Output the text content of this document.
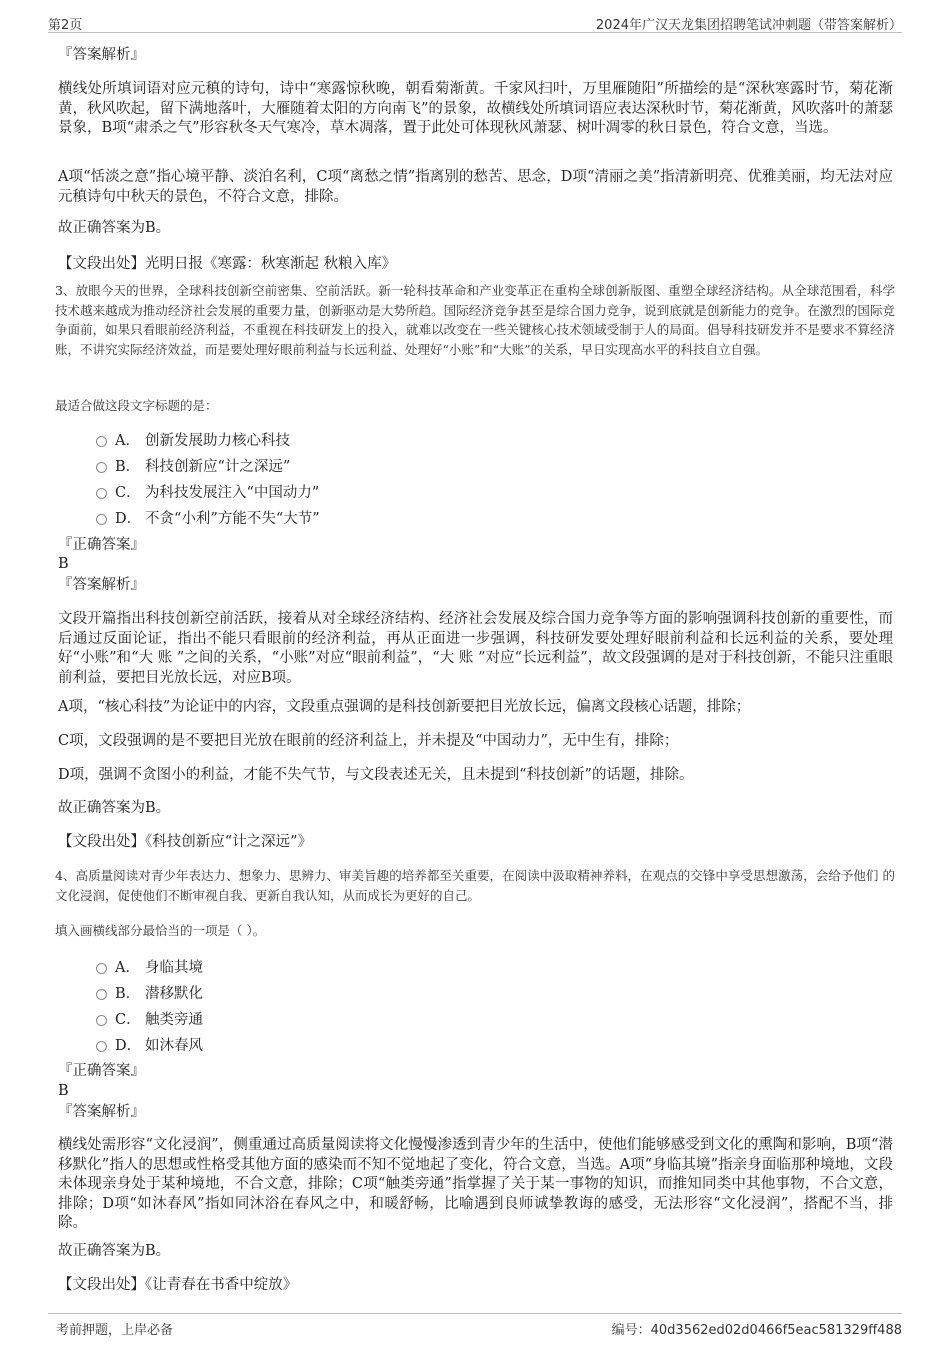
第2页	2024年广汉天龙集团招聘笔试冲刺题（带答案解析）

『答案解析』

横线处所填词语对应元稹的诗句，诗中“寒露惊秋晚，朝看菊渐黄。千家风扫叶，万里雁随阳”所描绘的是“深秋寒露时节，菊花渐黄，秋风吹起，留下满地落叶，大雁随着太阳的方向南飞”的景象，故横线处所填词语应表达深秋时节，菊花渐黄，风吹落叶的萧瑟景象，B项“肃杀之气”形容秋冬天气寒冷，草木凋落，置于此处可体现秋风萧瑟、树叶凋零的秋日景色，符合文意，当选。

A项“恬淡之意”指心境平静、淡泊名利，C项“离愁之情”指离别的愁苦、思念，D项“清丽之美”指清新明亮、优雅美丽，均无法对应元稹诗句中秋天的景色，不符合文意，排除。

故正确答案为B。

【文段出处】光明日报《寒露：秋寒渐起 秋粮入库》

3、放眼今天的世界，全球科技创新空前密集、空前活跃。新一轮科技革命和产业变革正在重构全球创新版图、重塑全球经济结构。从全球范围看，科学技术越来越成为推动经济社会发展的重要力量，创新驱动是大势所趋。国际经济竞争甚至是综合国力竞争，说到底就是创新能力的竞争。在激烈的国际竞争面前，如果只看眼前经济利益，不重视在科技研发上的投入，就难以改变在一些关键核心技术领域受制于人的局面。倡导科技研发并不是要求不算经济账，不讲究实际经济效益，而是要处理好眼前利益与长远利益、处理好“小账”和“大账”的关系，早日实现高水平的科技自立自强。

最适合做这段文字标题的是：

A． 创新发展助力核心科技
B． 科技创新应“计之深远”
C． 为科技发展注入“中国动力”
D． 不贪“小利”方能不失“大节”

『正确答案』

B

『答案解析』

文段开篇指出科技创新空前活跃，接着从对全球经济结构、经济社会发展及综合国力竞争等方面的影响强调科技创新的重要性，而后通过反面论证，指出不能只看眼前的经济利益，再从正面进一步强调，科技研发要处理好眼前利益和长远利益的关系，要处理好“小账”和“大 账 ”之间的关系，“小账”对应“眼前利益”，“大 账 ”对应“长远利益”，故文段强调的是对于科技创新，不能只注重眼前利益，要把目光放长远，对应B项。

A项，“核心科技”为论证中的内容，文段重点强调的是科技创新要把目光放长远，偏离文段核心话题，排除；

C项，文段强调的是不要把目光放在眼前的经济利益上，并未提及“中国动力”，无中生有，排除；

D项，强调不贪图小的利益，才能不失气节，与文段表述无关，且未提到“科技创新”的话题，排除。

故正确答案为B。

【文段出处】《科技创新应“计之深远”》

4、高质量阅读对青少年表达力、想象力、思辨力、审美旨趣的培养都至关重要，在阅读中汲取精神养料，在观点的交锋中享受思想激荡，会给予他们 的文化浸润，促使他们不断审视自我、更新自我认知，从而成长为更好的自己。

填入画横线部分最恰当的一项是（ ）。

A． 身临其境
B． 潜移默化
C． 触类旁通
D． 如沐春风

『正确答案』

B

『答案解析』

横线处需形容“文化浸润”，侧重通过高质量阅读将文化慢慢渗透到青少年的生活中，使他们能够感受到文化的熏陶和影响，B项“潜移默化”指人的思想或性格受其他方面的感染而不知不觉地起了变化，符合文意，当选。A项“身临其境”指亲身面临那种境地，文段未体现亲身处于某种境地，不合文意，排除；C项“触类旁通”指掌握了关于某一事物的知识，而推知同类中其他事物，不合文意，排除；D项“如沐春风”指如同沐浴在春风之中，和暖舒畅，比喻遇到良师诚挚教诲的感受，无法形容“文化浸润”，搭配不当，排除。

故正确答案为B。

【文段出处】《让青春在书香中绽放》

考前押题，上岸必备	编号：40d3562ed02d0466f5eac581329ff488
